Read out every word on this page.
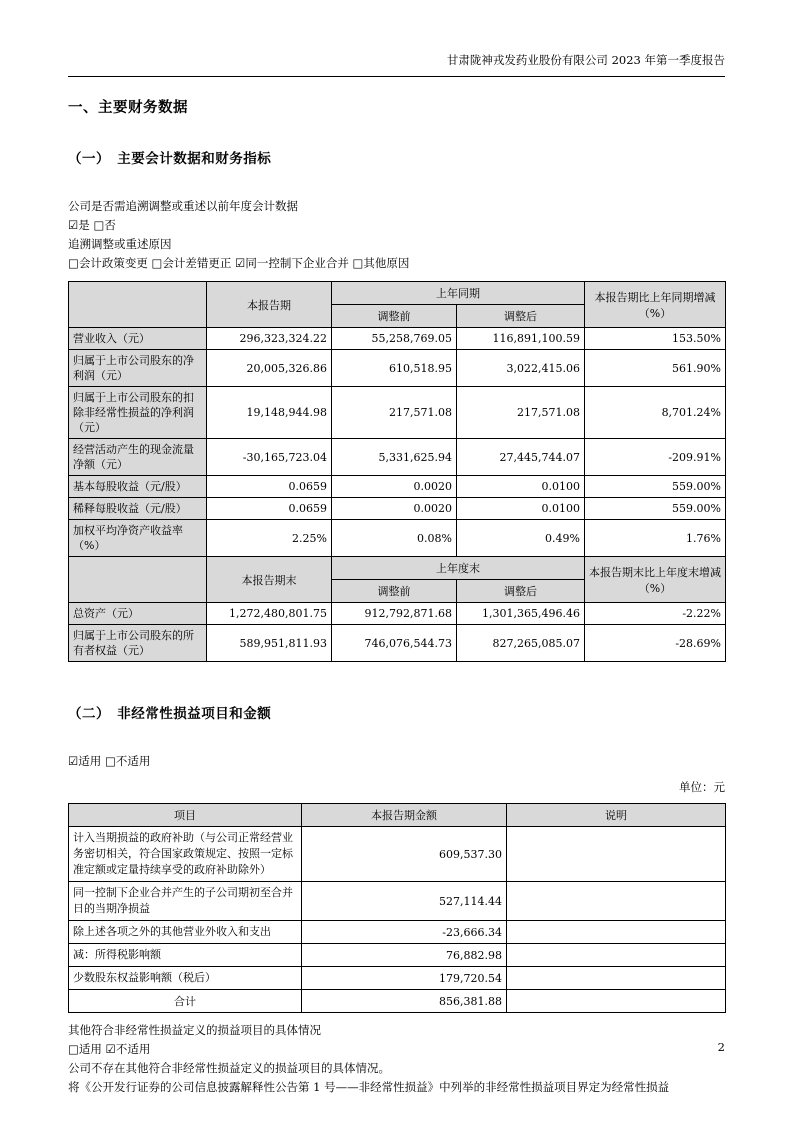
甘肃陇神戎发药业股份有限公司 2023 年第一季度报告
一、主要财务数据
（一）　主要会计数据和财务指标

公司是否需追溯调整或重述以前年度会计数据

☑是 □否

追溯调整或重述原因

□会计政策变更 □会计差错更正 ☑同一控制下企业合并 □其他原因

	本报告期	上年同期		本报告期比上年同期增减（%）
		调整前	调整后	
营业收入（元）	296,323,324.22	55,258,769.05	116,891,100.59	153.50%
归属于上市公司股东的净利润（元）	20,005,326.86	610,518.95	3,022,415.06	561.90%
归属于上市公司股东的扣除非经常性损益的净利润（元）	19,148,944.98	217,571.08	217,571.08	8,701.24%
经营活动产生的现金流量净额（元）	-30,165,723.04	5,331,625.94	27,445,744.07	-209.91%
基本每股收益（元/股）	0.0659	0.0020	0.0100	559.00%
稀释每股收益（元/股）	0.0659	0.0020	0.0100	559.00%
加权平均净资产收益率（%）	2.25%	0.08%	0.49%	1.76%
	本报告期末	上年度末		本报告期末比上年度末增减（%）
		调整前	调整后	
总资产（元）	1,272,480,801.75	912,792,871.68	1,301,365,496.46	-2.22%
归属于上市公司股东的所有者权益（元）	589,951,811.93	746,076,544.73	827,265,085.07	-28.69%
（二）　非经常性损益项目和金额

☑适用 □不适用

单位：元
项目	本报告期金额	说明
计入当期损益的政府补助（与公司正常经营业务密切相关，符合国家政策规定、按照一定标准定额或定量持续享受的政府补助除外）	609,537.30	
同一控制下企业合并产生的子公司期初至合并日的当期净损益	527,114.44	
除上述各项之外的其他营业外收入和支出	-23,666.34	
减：所得税影响额	76,882.98	
少数股东权益影响额（税后）	179,720.54	
合计	856,381.88	

其他符合非经常性损益定义的损益项目的具体情况

□适用 ☑不适用

公司不存在其他符合非经常性损益定义的损益项目的具体情况。

将《公开发行证券的公司信息披露解释性公告第 1 号——非经常性损益》中列举的非经常性损益项目界定为经常性损益

2
